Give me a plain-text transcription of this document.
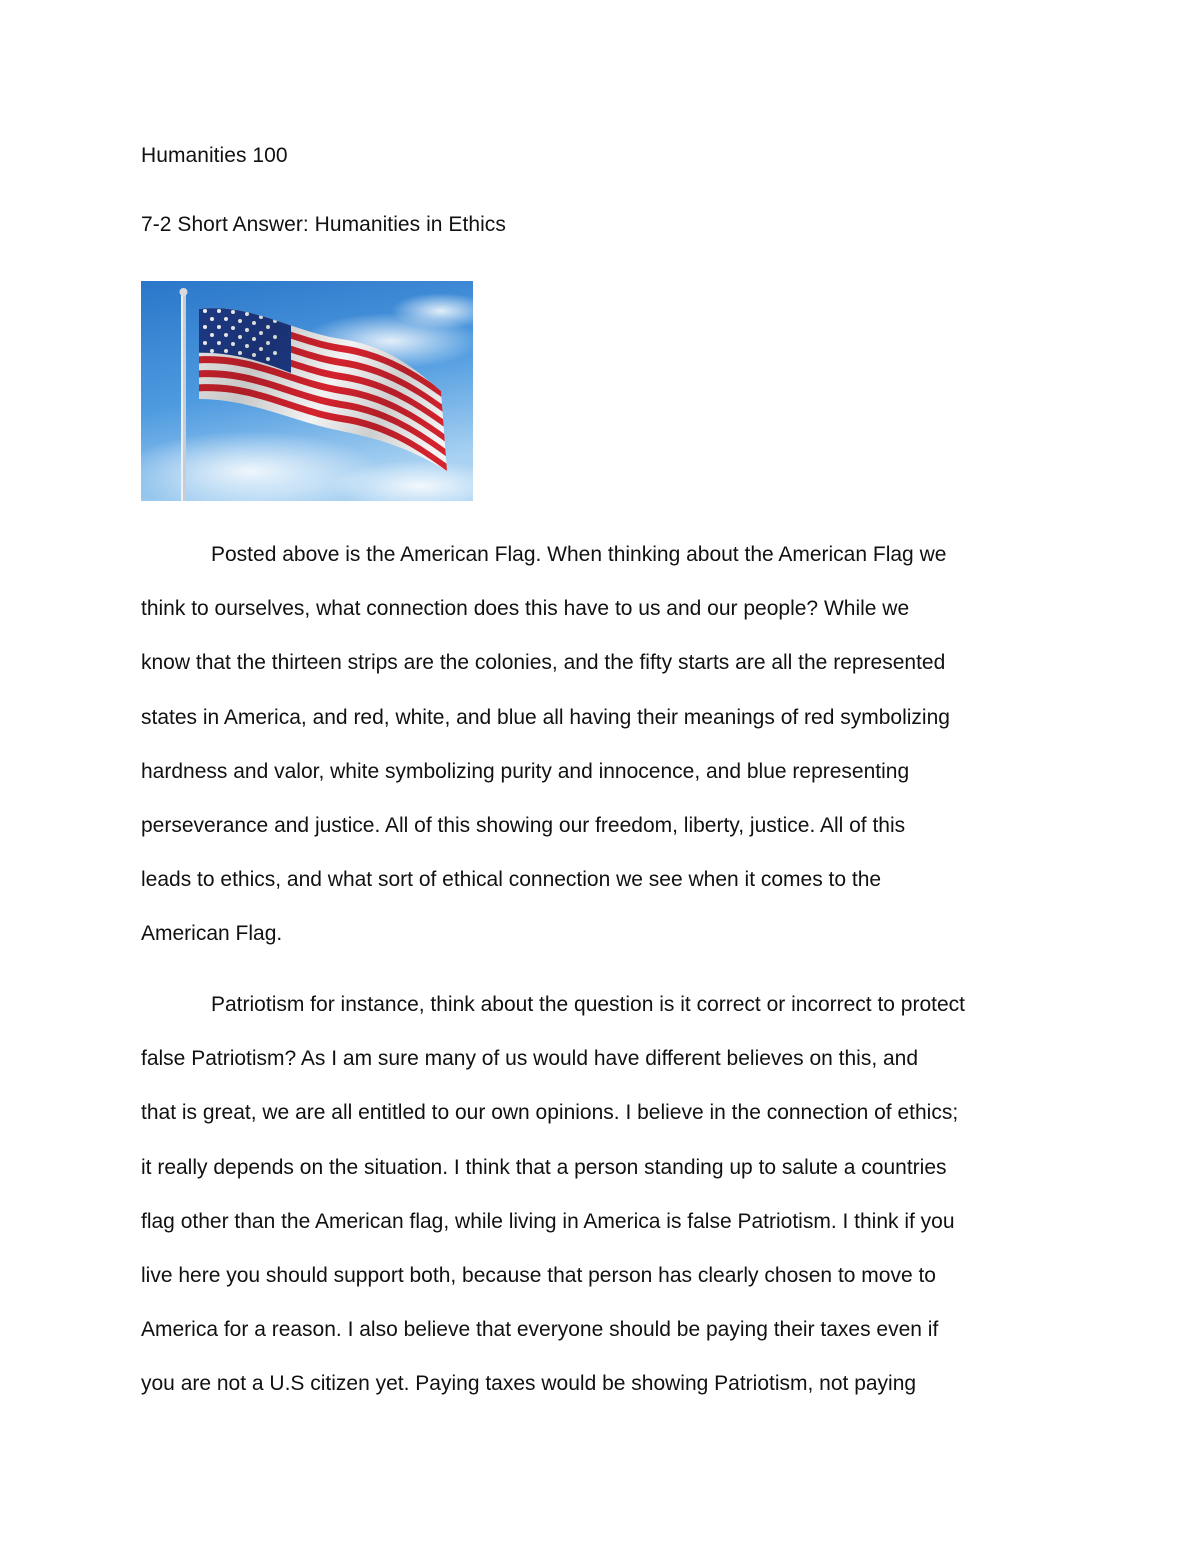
Humanities 100
7-2 Short Answer: Humanities in Ethics
Posted above is the American Flag. When thinking about the American Flag we
think to ourselves, what connection does this have to us and our people? While we
know that the thirteen strips are the colonies, and the fifty starts are all the represented
states in America, and red, white, and blue all having their meanings of red symbolizing
hardness and valor, white symbolizing purity and innocence, and blue representing
perseverance and justice. All of this showing our freedom, liberty, justice. All of this
leads to ethics, and what sort of ethical connection we see when it comes to the
American Flag.
Patriotism for instance, think about the question is it correct or incorrect to protect
false Patriotism? As I am sure many of us would have different believes on this, and
that is great, we are all entitled to our own opinions. I believe in the connection of ethics;
it really depends on the situation. I think that a person standing up to salute a countries
flag other than the American flag, while living in America is false Patriotism. I think if you
live here you should support both, because that person has clearly chosen to move to
America for a reason. I also believe that everyone should be paying their taxes even if
you are not a U.S citizen yet. Paying taxes would be showing Patriotism, not paying
